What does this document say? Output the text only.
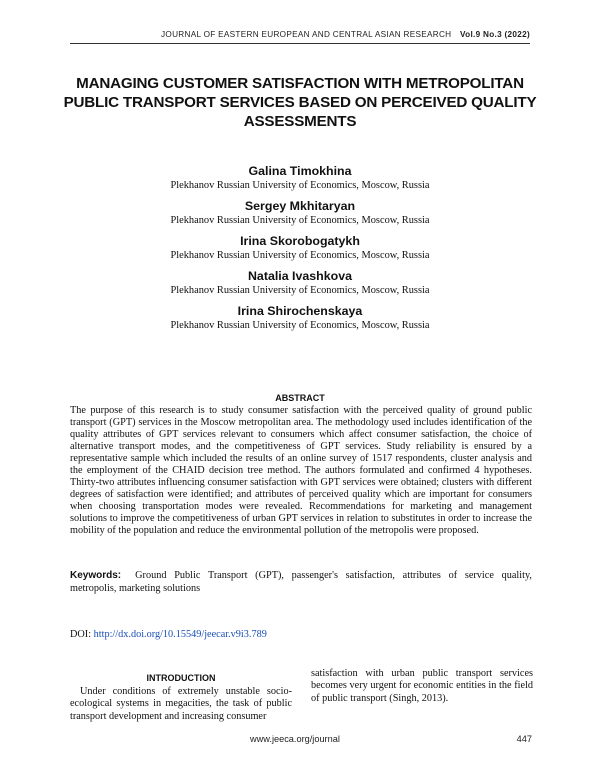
JOURNAL OF EASTERN EUROPEAN AND CENTRAL ASIAN RESEARCH Vol.9 No.3 (2022)
MANAGING CUSTOMER SATISFACTION WITH METROPOLITAN PUBLIC TRANSPORT SERVICES BASED ON PERCEIVED QUALITY ASSESSMENTS
Galina Timokhina
Plekhanov Russian University of Economics, Moscow, Russia
Sergey Mkhitaryan
Plekhanov Russian University of Economics, Moscow, Russia
Irina Skorobogatykh
Plekhanov Russian University of Economics, Moscow, Russia
Natalia Ivashkova
Plekhanov Russian University of Economics, Moscow, Russia
Irina Shirochenskaya
Plekhanov Russian University of Economics, Moscow, Russia
ABSTRACT
The purpose of this research is to study consumer satisfaction with the perceived quality of ground public transport (GPT) services in the Moscow metropolitan area. The methodology used includes identification of the quality attributes of GPT services relevant to consumers which affect consumer satisfaction, the choice of alternative transport modes, and the competitiveness of GPT services. Study reliability is ensured by a representative sample which included the results of an online survey of 1517 respondents, cluster analysis and the employment of the CHAID decision tree method. The authors formulated and confirmed 4 hypotheses. Thirty-two attributes influencing consumer satisfaction with GPT services were obtained; clusters with different degrees of satisfaction were identified; and attributes of perceived quality which are important for consumers when choosing transportation modes were revealed. Recommendations for marketing and management solutions to improve the competitiveness of urban GPT services in relation to substitutes in order to increase the mobility of the population and reduce the environmental pollution of the metropolis were proposed.
Keywords: Ground Public Transport (GPT), passenger's satisfaction, attributes of service quality, metropolis, marketing solutions
DOI: http://dx.doi.org/10.15549/jeecar.v9i3.789
INTRODUCTION
Under conditions of extremely unstable socio-ecological systems in megacities, the task of public transport development and increasing consumer
satisfaction with urban public transport services becomes very urgent for economic entities in the field of public transport (Singh, 2013).
www.jeeca.org/journal	447
